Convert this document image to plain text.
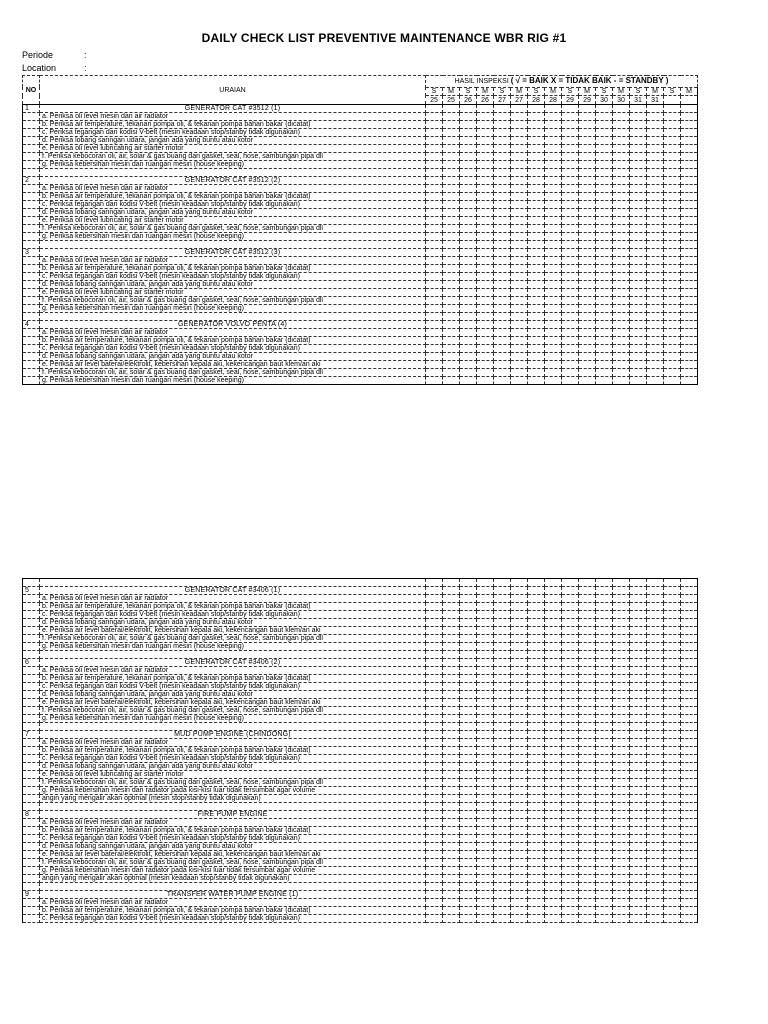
DAILY CHECK LIST PREVENTIVE MAINTENANCE WBR RIG #1
Periode	:
Location	:
NO	URAIAN	HASIL INSPEKSI ( √ = BAIK X = TIDAK BAIK - = STANDBY )															
		S	M	S	M	S	M	S	M	S	M	S	M	S	M	S	M
		25	25	26	26	27	27	28	28	29	29	30	30	31	31		
1	GENERATOR CAT #3512 (1)																
	a. Periksa oli level mesin dan air radiator																
	b. Periksa air temperature, tekanan pompa oli, & tekanan pompa bahan bakar (dicatat)																
	c. Periksa tegangan dan kodisi V-belt (mesin keadaan stop/stanby tidak digunakan)																
	d. Periksa lobang saringan udara, jangan ada yang buntu atau kotor																
	e. Periksa oli level lubricating air starter motor																
	f. Periksa kebocoran oli, air, solar & gas buang dari gasket, seal, hose, sambungan pipa dll																
	g. Periksa kebersihan mesin dan ruangan mesin (house keeping)																

2	GENERATOR CAT #3512 (2)																
	a. Periksa oli level mesin dan air radiator																
	b. Periksa air temperature, tekanan pompa oli, & tekanan pompa bahan bakar (dicatat)																
	c. Periksa tegangan dan kodisi V-belt (mesin keadaan stop/stanby tidak digunakan)																
	d. Periksa lobang saringan udara, jangan ada yang buntu atau kotor																
	e. Periksa oli level lubricating air starter motor																
	f. Periksa kebocoran oli, air, solar & gas buang dari gasket, seal, hose, sambungan pipa dll																
	g. Periksa kebersihan mesin dan ruangan mesin (house keeping)																

3	GENERATOR CAT #3512 (3)																
	a. Periksa oli level mesin dan air radiator																
	b. Periksa air temperature, tekanan pompa oli, & tekanan pompa bahan bakar (dicatat)																
	c. Periksa tegangan dan kodisi V-belt (mesin keadaan stop/stanby tidak digunakan)																
	d. Periksa lobang saringan udara, jangan ada yang buntu atau kotor																
	e. Periksa oli level lubricating air starter motor																
	f. Periksa kebocoran oli, air, solar & gas buang dari gasket, seal, hose, sambungan pipa dll																
	g. Periksa kebersihan mesin dan ruangan mesin (house keeping)																

4	GENERATOR VOLVO PENTA (4)																
	a. Periksa oli level mesin dan air radiator																
	b. Periksa air temperature, tekanan pompa oli, & tekanan pompa bahan bakar (dicatat)																
	c. Periksa tegangan dan kodisi V-belt (mesin keadaan stop/stanby tidak digunakan)																
	d. Periksa lobang saringan udara, jangan ada yang buntu atau kotor																
	e. Periksa air level baterai/elektrolit, kebersihan kepala aki, kekencangan baut klem/an aki																
	f. Periksa kebocoran oli, air, solar & gas buang dari gasket, seal, hose, sambungan pipa dll																
	g. Periksa kebersihan mesin dan ruangan mesin (house keeping)																

5	GENERATOR CAT #3406 (1)																
	a. Periksa oli level mesin dan air radiator																
	b. Periksa air temperature, tekanan pompa oli, & tekanan pompa bahan bakar (dicatat)																
	c. Periksa tegangan dan kodisi V-belt (mesin keadaan stop/stanby tidak digunakan)																
	d. Periksa lobang saringan udara, jangan ada yang buntu atau kotor																
	e. Periksa air level baterai/elektrolit, kebersihan kepala aki, kekencangan baut klem/an aki																
	f. Periksa kebocoran oli, air, solar & gas buang dari gasket, seal, hose, sambungan pipa dll																
	g. Periksa kebersihan mesin dan ruangan mesin (house keeping)																

6	GENERATOR CAT #3406 (2)																
	a. Periksa oli level mesin dan air radiator																
	b. Periksa air temperature, tekanan pompa oli, & tekanan pompa bahan bakar (dicatat)																
	c. Periksa tegangan dan kodisi V-belt (mesin keadaan stop/stanby tidak digunakan)																
	d. Periksa lobang saringan udara, jangan ada yang buntu atau kotor																
	e. Periksa air level baterai/elektrolit, kebersihan kepala aki, kekencangan baut klem/an aki																
	f. Periksa kebocoran oli, air, solar & gas buang dari gasket, seal, hose, sambungan pipa dll																
	g. Periksa kebersihan mesin dan ruangan mesin (house keeping)																

7	MUD PUMP ENGINE (CHINDONG)																
	a. Periksa oli level mesin dan air radiator																
	b. Periksa air temperature, tekanan pompa oli, & tekanan pompa bahan bakar (dicatat)																
	c. Periksa tegangan dan kodisi V-belt (mesin keadaan stop/stanby tidak digunakan)																
	d. Periksa lobang saringan udara, jangan ada yang buntu atau kotor																
	e. Periksa oli level lubricating air starter motor																
	f. Periksa kebocoran oli, air, solar & gas buang dari gasket, seal, hose, sambungan pipa dll																
	g. Periksa kebersihan mesin dan radiator pada kisi-kisi luar tidak tersumbat agar volume																
	angin yang mengalir akan optimal (mesin stop/stanby tidak digunakan)																

8	FIRE PUMP ENGINE																
	a. Periksa oli level mesin dan air radiator																
	b. Periksa air temperature, tekanan pompa oli, & tekanan pompa bahan bakar (dicatat)																
	c. Periksa tegangan dan kodisi V-belt (mesin keadaan stop/stanby tidak digunakan)																
	d. Periksa lobang saringan udara, jangan ada yang buntu atau kotor																
	e. Periksa air level baterai/elektrolit, kebersihan kepala aki, kekencangan baut klem/an aki																
	f. Periksa kebocoran oli, air, solar & gas buang dari gasket, seal, hose, sambungan pipa dll																
	g. Periksa kebersihan mesin dan radiator pada kisi-kisi luar tidak tersumbat agar volume																
	angin yang mengalir akan optimal (mesin keadaan stop/stanby tidak digunakan)																

9	TRANSFER WATER PUMP ENGINE (1)																
	a. Periksa oli level mesin dan air radiator																
	b. Periksa air temperature, tekanan pompa oli, & tekanan pompa bahan bakar (dicatat)																
	c. Periksa tegangan dan kodisi V-belt (mesin keadaan stop/stanby tidak digunakan)																
